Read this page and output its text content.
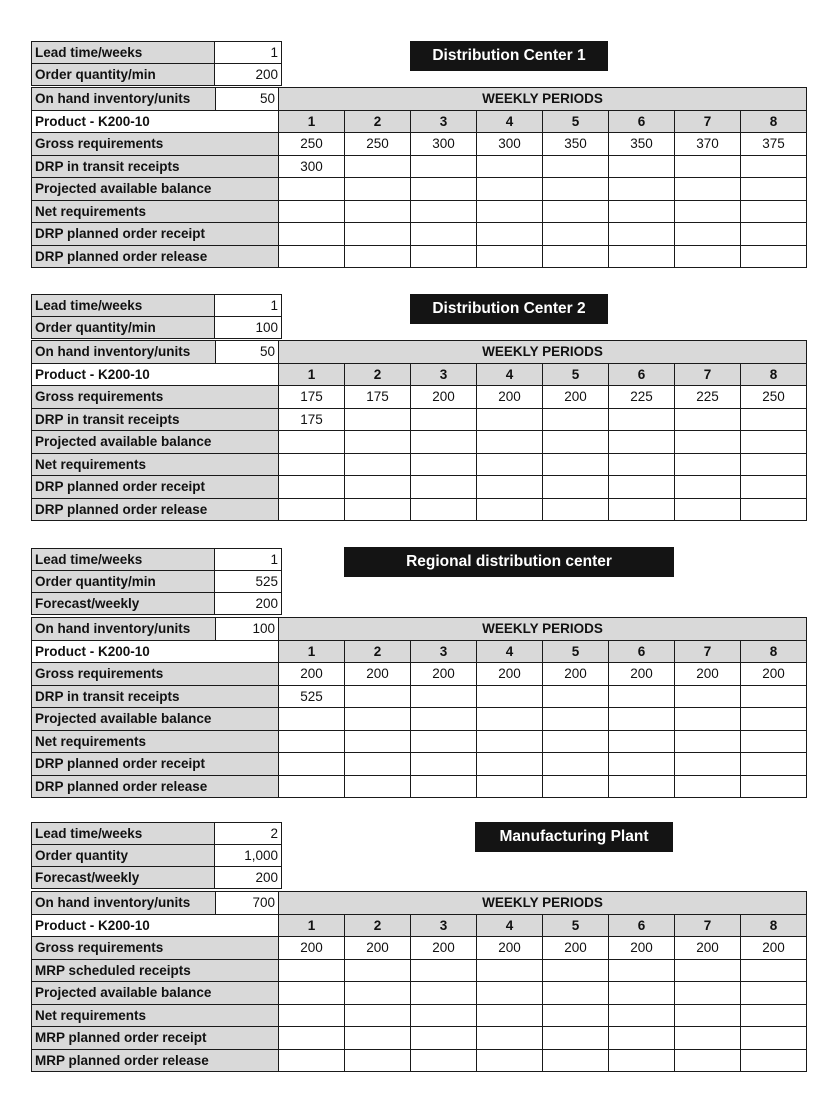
Lead time/weeks	1
Order quantity/min	200
Distribution Center 1
On hand inventory/units	50	WEEKLY PERIODS							
Product - K200-10		1	2	3	4	5	6	7	8
Gross requirements		250	250	300	300	350	350	370	375
DRP in transit receipts		300							
Projected available balance									
Net requirements									
DRP planned order receipt									
DRP planned order release									
Lead time/weeks	1
Order quantity/min	100
Distribution Center 2
On hand inventory/units	50	WEEKLY PERIODS							
Product - K200-10		1	2	3	4	5	6	7	8
Gross requirements		175	175	200	200	200	225	225	250
DRP in transit receipts		175							
Projected available balance									
Net requirements									
DRP planned order receipt									
DRP planned order release									
Lead time/weeks	1
Order quantity/min	525
Forecast/weekly	200
Regional distribution center
On hand inventory/units	100	WEEKLY PERIODS							
Product - K200-10		1	2	3	4	5	6	7	8
Gross requirements		200	200	200	200	200	200	200	200
DRP in transit receipts		525							
Projected available balance									
Net requirements									
DRP planned order receipt									
DRP planned order release									
Lead time/weeks	2
Order quantity	1,000
Forecast/weekly	200
Manufacturing Plant
On hand inventory/units	700	WEEKLY PERIODS							
Product - K200-10		1	2	3	4	5	6	7	8
Gross requirements		200	200	200	200	200	200	200	200
MRP scheduled receipts									
Projected available balance									
Net requirements									
MRP planned order receipt									
MRP planned order release									
